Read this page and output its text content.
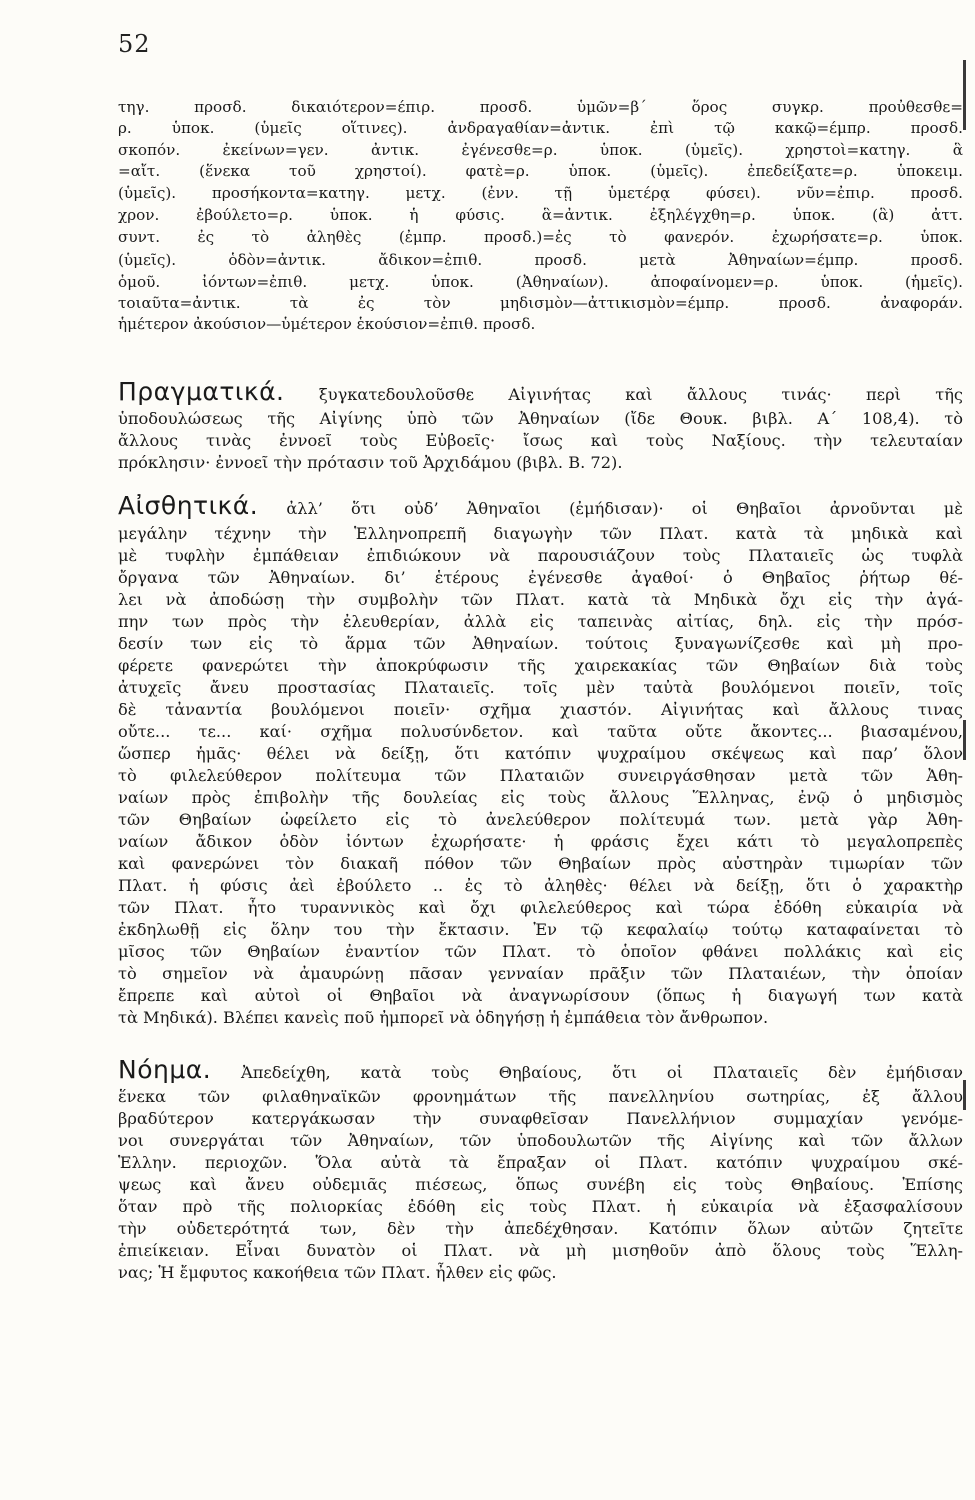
52
τηγ. προσδ. δικαιότερον=έπιρ. προσδ. ὑμῶν=β΄ ὅρος συγκρ. προὐθεσθε=
ρ. ὑποκ. (ὑμεῖς οἵτινες). ἀνδραγαθίαν=ἀντικ. ἐπὶ τῷ κακῷ=έμπρ. προσδ.
σκοπόν. ἐκείνων=γεν. ἀντικ. ἐγένεσθε=ρ. ὑποκ. (ὑμεῖς). χρηστοὶ=κατηγ. ἃ
=αἴτ. (ἕνεκα τοῦ χρηστοί). φατὲ=ρ. ὑποκ. (ὑμεῖς). ἐπεδείξατε=ρ. ὑποκειμ.
(ὑμεῖς). προσήκοντα=κατηγ. μετχ. (ἐνν. τῇ ὑμετέρᾳ φύσει). νῦν=ἐπιρ. προσδ.
χρον. ἐβούλετο=ρ. ὑποκ. ἡ φύσις. ἃ=ἀντικ. ἐξηλέγχθη=ρ. ὑποκ. (ἃ) ἀττ.
συντ. ἐς τὸ ἀληθὲς (ἐμπρ. προσδ.)=ἐς τὸ φανερόν. ἐχωρήσατε=ρ. ὑποκ.
(ὑμεῖς). ὁδὸν=ἀντικ. ἄδικον=ἐπιθ. προσδ. μετὰ Ἀθηναίων=έμπρ. προσδ.
ὁμοῦ. ἰόντων=ἐπιθ. μετχ. ὑποκ. (Ἀθηναίων). ἀποφαίνομεν=ρ. ὑποκ. (ἡμεῖς).
τοιαῦτα=ἀντικ. τὰ ἐς τὸν μηδισμὸν—ἀττικισμὸν=έμπρ. προσδ. ἀναφοράν.
ἡμέτερον ἀκούσιον—ὑμέτερον ἑκούσιον=ἐπιθ. προσδ.
Πραγματικά. ξυγκατεδουλοῦσθε Αἰγινήτας καὶ ἄλλους τινάς· περὶ τῆς
ὑποδουλώσεως τῆς Αἰγίνης ὑπὸ τῶν Ἀθηναίων (ἴδε Θουκ. βιβλ. Α΄ 108,4). τὸ
ἄλλους τινὰς ἐννοεῖ τοὺς Εὐβοεῖς· ἴσως καὶ τοὺς Ναξίους. τὴν τελευταίαν
πρόκλησιν· ἐννοεῖ τὴν πρότασιν τοῦ Ἀρχιδάμου (βιβλ. Β. 72).
Αἰσθητικά. ἀλλ’ ὅτι οὐδ’ Ἀθηναῖοι (ἐμήδισαν)· οἱ Θηβαῖοι ἀρνοῦνται μὲ
μεγάλην τέχνην τὴν Ἑλληνοπρεπῆ διαγωγὴν τῶν Πλατ. κατὰ τὰ μηδικὰ καὶ
μὲ τυφλὴν ἐμπάθειαν ἐπιδιώκουν νὰ παρουσιάζουν τοὺς Πλαταιεῖς ὡς τυφλὰ
ὄργανα τῶν Ἀθηναίων. δι’ ἑτέρους ἐγένεσθε ἀγαθοί· ὁ Θηβαῖος ῥήτωρ θέ-
λει νὰ ἀποδώσῃ τὴν συμβολὴν τῶν Πλατ. κατὰ τὰ Μηδικὰ ὄχι εἰς τὴν ἀγά-
πην των πρὸς τὴν ἐλευθερίαν, ἀλλὰ εἰς ταπεινὰς αἰτίας, δηλ. εἰς τὴν πρόσ-
δεσίν των εἰς τὸ ἅρμα τῶν Ἀθηναίων. τούτοις ξυναγωνίζεσθε καὶ μὴ προ-
φέρετε φανερώτει τὴν ἀποκρύφωσιν τῆς χαιρεκακίας τῶν Θηβαίων διὰ τοὺς
ἀτυχεῖς ἄνευ προστασίας Πλαταιεῖς. τοῖς μὲν ταὐτὰ βουλόμενοι ποιεῖν, τοῖς
δὲ τἀναντία βουλόμενοι ποιεῖν· σχῆμα χιαστόν. Αἰγινήτας καὶ ἄλλους τινας
οὔτε... τε... καί· σχῆμα πολυσύνδετον. καὶ ταῦτα οὔτε ἄκοντες... βιασαμένου,
ὥσπερ ἡμᾶς· θέλει νὰ δείξῃ, ὅτι κατόπιν ψυχραίμου σκέψεως καὶ παρ’ ὅλον
τὸ φιλελεύθερον πολίτευμα τῶν Πλαταιῶν συνειργάσθησαν μετὰ τῶν Ἀθη-
ναίων πρὸς ἐπιβολὴν τῆς δουλείας εἰς τοὺς ἄλλους Ἕλληνας, ἐνῷ ὁ μηδισμὸς
τῶν Θηβαίων ὠφείλετο εἰς τὸ ἀνελεύθερον πολίτευμά των. μετὰ γὰρ Ἀθη-
ναίων ἄδικον ὁδὸν ἰόντων ἐχωρήσατε· ἡ φράσις ἔχει κάτι τὸ μεγαλοπρεπὲς
καὶ φανερώνει τὸν διακαῆ πόθον τῶν Θηβαίων πρὸς αὐστηρὰν τιμωρίαν τῶν
Πλατ. ἡ φύσις ἀεὶ ἐβούλετο .. ἐς τὸ ἀληθὲς· θέλει νὰ δείξῃ, ὅτι ὁ χαρακτὴρ
τῶν Πλατ. ἦτο τυραννικὸς καὶ ὄχι φιλελεύθερος καὶ τώρα ἐδόθη εὐκαιρία νὰ
ἐκδηλωθῇ εἰς ὅλην του τὴν ἔκτασιν. Ἐν τῷ κεφαλαίῳ τούτῳ καταφαίνεται τὸ
μῖσος τῶν Θηβαίων ἐναντίον τῶν Πλατ. τὸ ὁποῖον φθάνει πολλάκις καὶ εἰς
τὸ σημεῖον νὰ ἀμαυρώνῃ πᾶσαν γενναίαν πρᾶξιν τῶν Πλαταιέων, τὴν ὁποίαν
ἔπρεπε καὶ αὐτοὶ οἱ Θηβαῖοι νὰ ἀναγνωρίσουν (ὅπως ἡ διαγωγή των κατὰ
τὰ Μηδικά). Βλέπει κανεὶς ποῦ ἠμπορεῖ νὰ ὁδηγήσῃ ἡ ἐμπάθεια τὸν ἄνθρωπον.
Νόημα. Ἀπεδείχθη, κατὰ τοὺς Θηβαίους, ὅτι οἱ Πλαταιεῖς δὲν ἐμήδισαν
ἕνεκα τῶν φιλαθηναϊκῶν φρονημάτων τῆς πανελληνίου σωτηρίας, ἐξ ἄλλου
βραδύτερον κατεργάκωσαν τὴν συναφθεῖσαν Πανελλήνιον συμμαχίαν γενόμε-
νοι συνεργάται τῶν Ἀθηναίων, τῶν ὑποδουλωτῶν τῆς Αἰγίνης καὶ τῶν ἄλλων
Ἑλλην. περιοχῶν. Ὅλα αὐτὰ τὰ ἔπραξαν οἱ Πλατ. κατόπιν ψυχραίμου σκέ-
ψεως καὶ ἄνευ οὐδεμιᾶς πιέσεως, ὅπως συνέβη εἰς τοὺς Θηβαίους. Ἐπίσης
ὅταν πρὸ τῆς πολιορκίας ἐδόθη εἰς τοὺς Πλατ. ἡ εὐκαιρία νὰ ἐξασφαλίσουν
τὴν οὐδετερότητά των, δὲν τὴν ἀπεδέχθησαν. Κατόπιν ὅλων αὐτῶν ζητεῖτε
ἐπιείκειαν. Εἶναι δυνατὸν οἱ Πλατ. νὰ μὴ μισηθοῦν ἀπὸ ὅλους τοὺς Ἕλλη-
νας; Ἡ ἔμφυτος κακοήθεια τῶν Πλατ. ἦλθεν εἰς φῶς.
